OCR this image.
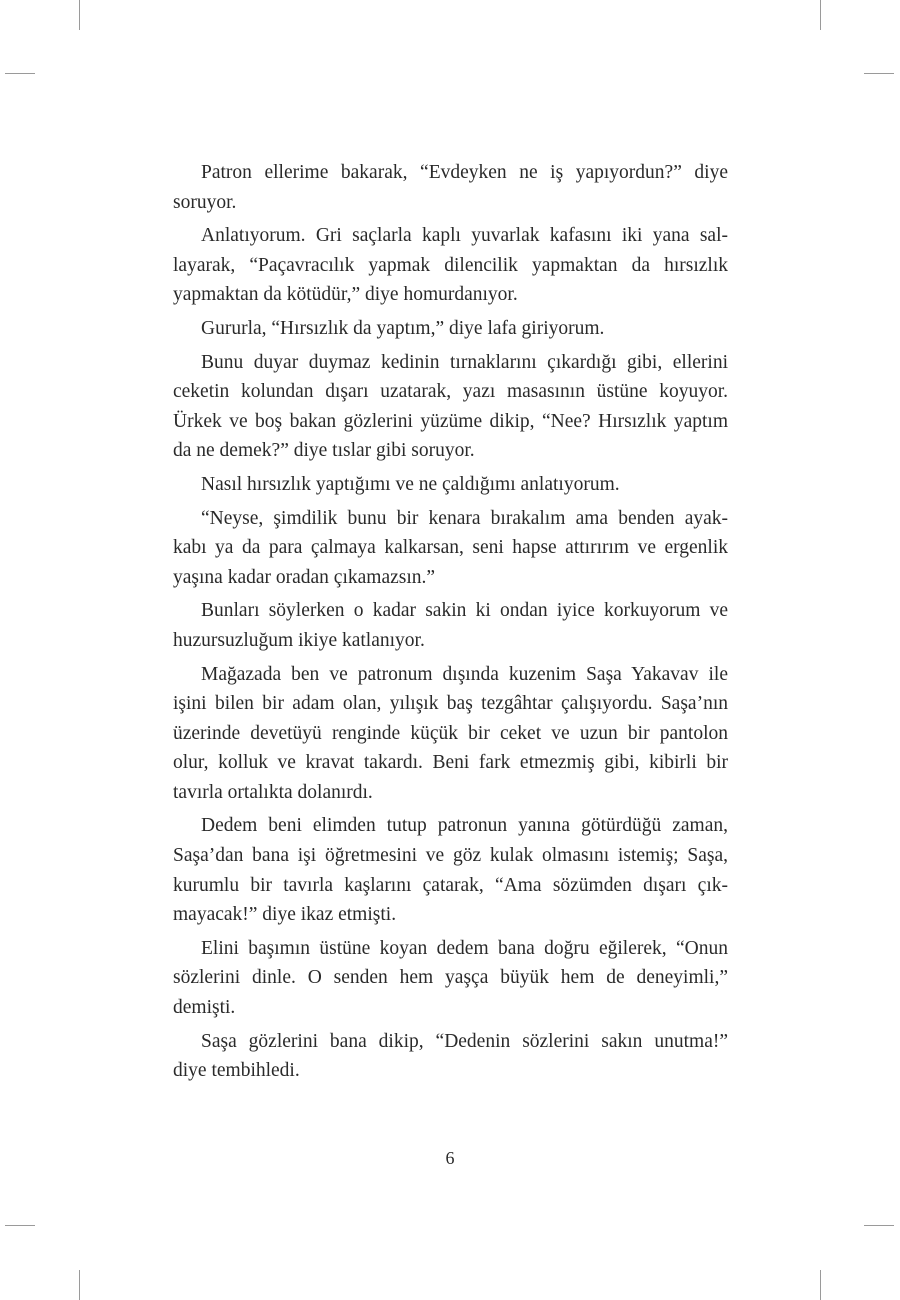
Patron ellerime bakarak, “Evdeyken ne iş yapıyordun?” diye
soruyor.
Anlatıyorum. Gri saçlarla kaplı yuvarlak kafasını iki yana sal-
layarak, “Paçavracılık yapmak dilencilik yapmaktan da hırsızlık
yapmaktan da kötüdür,” diye homurdanıyor.
Gururla, “Hırsızlık da yaptım,” diye lafa giriyorum.
Bunu duyar duymaz kedinin tırnaklarını çıkardığı gibi, ellerini
ceketin kolundan dışarı uzatarak, yazı masasının üstüne koyuyor.
Ürkek ve boş bakan gözlerini yüzüme dikip, “Nee? Hırsızlık yaptım
da ne demek?” diye tıslar gibi soruyor.
Nasıl hırsızlık yaptığımı ve ne çaldığımı anlatıyorum.
“Neyse, şimdilik bunu bir kenara bırakalım ama benden ayak-
kabı ya da para çalmaya kalkarsan, seni hapse attırırım ve ergenlik
yaşına kadar oradan çıkamazsın.”
Bunları söylerken o kadar sakin ki ondan iyice korkuyorum ve
huzursuzluğum ikiye katlanıyor.
Mağazada ben ve patronum dışında kuzenim Saşa Yakavav ile
işini bilen bir adam olan, yılışık baş tezgâhtar çalışıyordu. Saşa’nın
üzerinde devetüyü renginde küçük bir ceket ve uzun bir pantolon
olur, kolluk ve kravat takardı. Beni fark etmezmiş gibi, kibirli bir
tavırla ortalıkta dolanırdı.
Dedem beni elimden tutup patronun yanına götürdüğü zaman,
Saşa’dan bana işi öğretmesini ve göz kulak olmasını istemiş; Saşa,
kurumlu bir tavırla kaşlarını çatarak, “Ama sözümden dışarı çık-
mayacak!” diye ikaz etmişti.
Elini başımın üstüne koyan dedem bana doğru eğilerek, “Onun
sözlerini dinle. O senden hem yaşça büyük hem de deneyimli,”
demişti.
Saşa gözlerini bana dikip, “Dedenin sözlerini sakın unutma!”
diye tembihledi.
6
